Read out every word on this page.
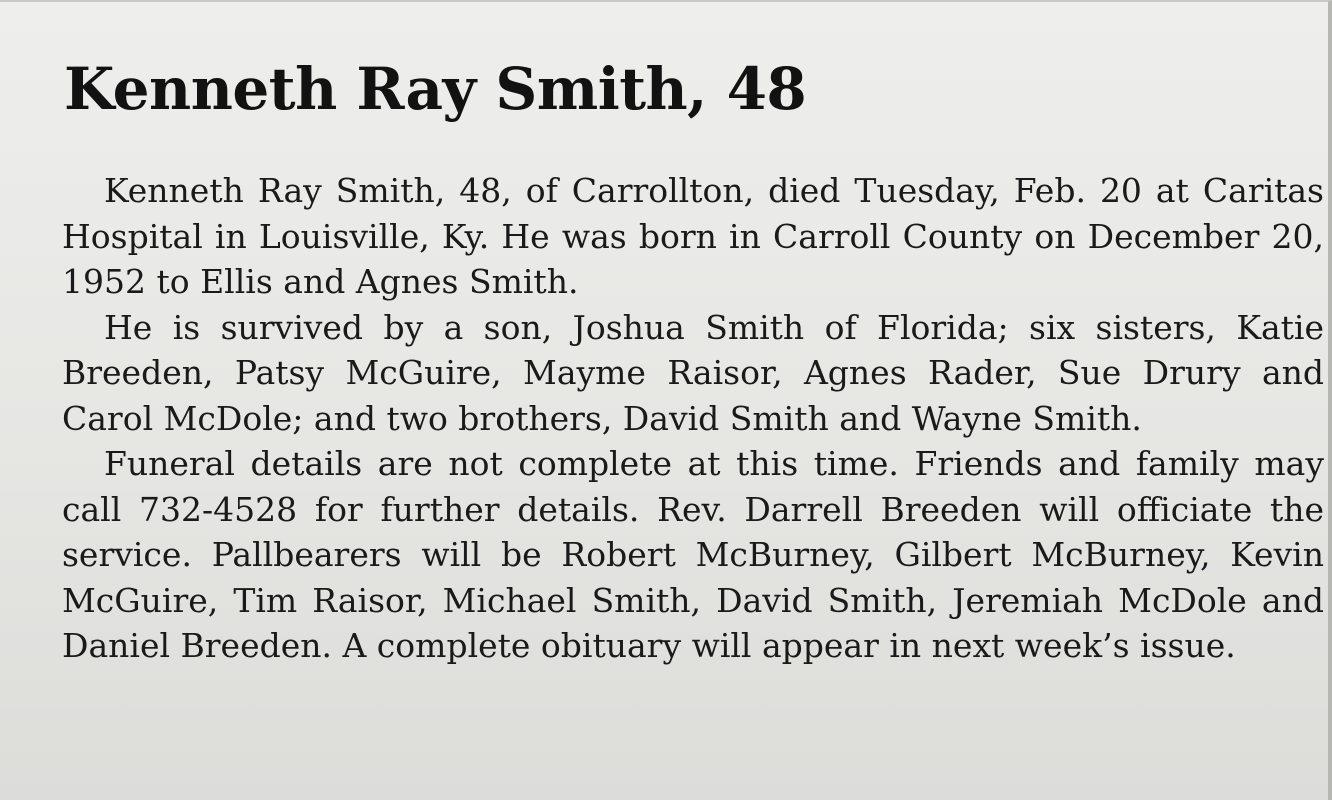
Kenneth Ray Smith, 48

Kenneth Ray Smith, 48, of Carrollton, died Tuesday, Feb. 20 at Caritas Hospital in Louisville, Ky. He was born in Carroll County on December 20, 1952 to Ellis and Agnes Smith.

He is survived by a son, Joshua Smith of Florida; six sisters, Katie Breeden, Patsy McGuire, Mayme Raisor, Agnes Rader, Sue Drury and Carol McDole; and two brothers, David Smith and Wayne Smith.

Funeral details are not complete at this time. Friends and family may call 732-4528 for further details. Rev. Darrell Breeden will officiate the service. Pallbearers will be Robert McBurney, Gilbert McBurney, Kevin McGuire, Tim Raisor, Michael Smith, David Smith, Jeremiah McDole and Daniel Breeden. A complete obituary will appear in next week’s issue.
